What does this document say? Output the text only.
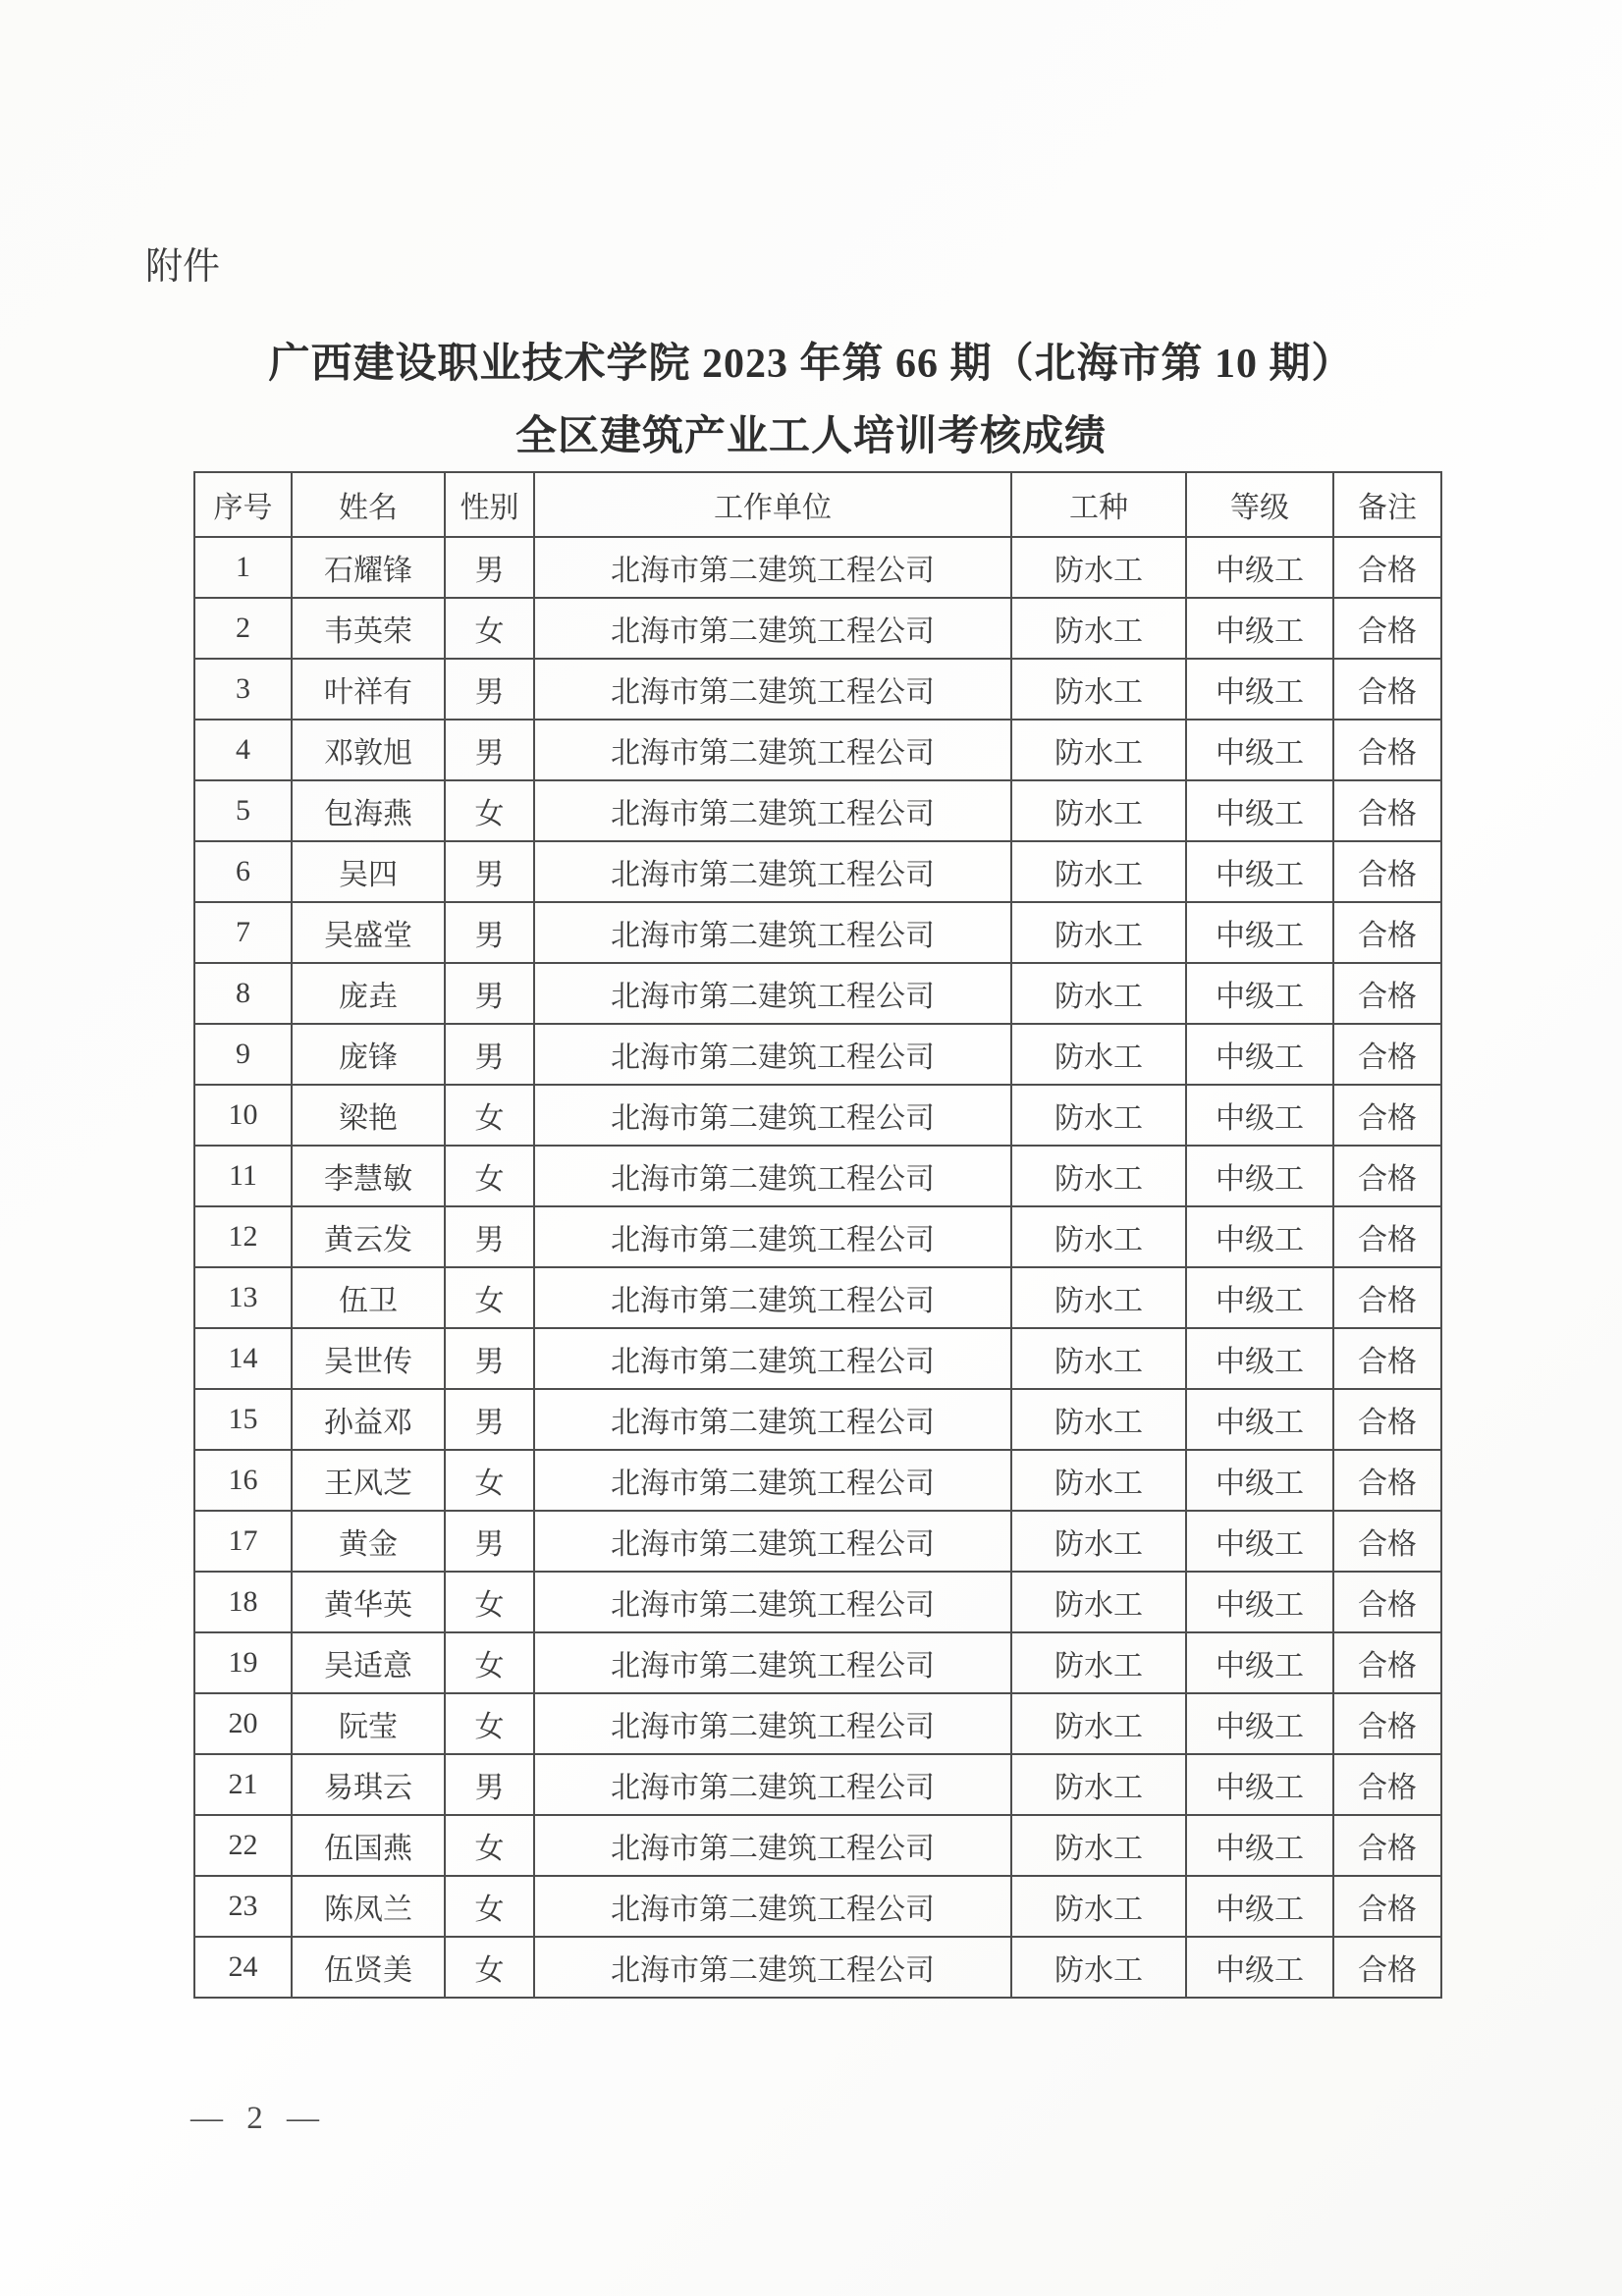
附件
广西建设职业技术学院 2023 年第 66 期（北海市第 10 期）
全区建筑产业工人培训考核成绩
序号	姓名	性别	工作单位	工种	等级	备注
1	石耀锋	男	北海市第二建筑工程公司	防水工	中级工	合格
2	韦英荣	女	北海市第二建筑工程公司	防水工	中级工	合格
3	叶祥有	男	北海市第二建筑工程公司	防水工	中级工	合格
4	邓敦旭	男	北海市第二建筑工程公司	防水工	中级工	合格
5	包海燕	女	北海市第二建筑工程公司	防水工	中级工	合格
6	吴四	男	北海市第二建筑工程公司	防水工	中级工	合格
7	吴盛堂	男	北海市第二建筑工程公司	防水工	中级工	合格
8	庞垚	男	北海市第二建筑工程公司	防水工	中级工	合格
9	庞锋	男	北海市第二建筑工程公司	防水工	中级工	合格
10	梁艳	女	北海市第二建筑工程公司	防水工	中级工	合格
11	李慧敏	女	北海市第二建筑工程公司	防水工	中级工	合格
12	黄云发	男	北海市第二建筑工程公司	防水工	中级工	合格
13	伍卫	女	北海市第二建筑工程公司	防水工	中级工	合格
14	吴世传	男	北海市第二建筑工程公司	防水工	中级工	合格
15	孙益邓	男	北海市第二建筑工程公司	防水工	中级工	合格
16	王风芝	女	北海市第二建筑工程公司	防水工	中级工	合格
17	黄金	男	北海市第二建筑工程公司	防水工	中级工	合格
18	黄华英	女	北海市第二建筑工程公司	防水工	中级工	合格
19	吴适意	女	北海市第二建筑工程公司	防水工	中级工	合格
20	阮莹	女	北海市第二建筑工程公司	防水工	中级工	合格
21	易琪云	男	北海市第二建筑工程公司	防水工	中级工	合格
22	伍国燕	女	北海市第二建筑工程公司	防水工	中级工	合格
23	陈凤兰	女	北海市第二建筑工程公司	防水工	中级工	合格
24	伍贤美	女	北海市第二建筑工程公司	防水工	中级工	合格
— 2 —
